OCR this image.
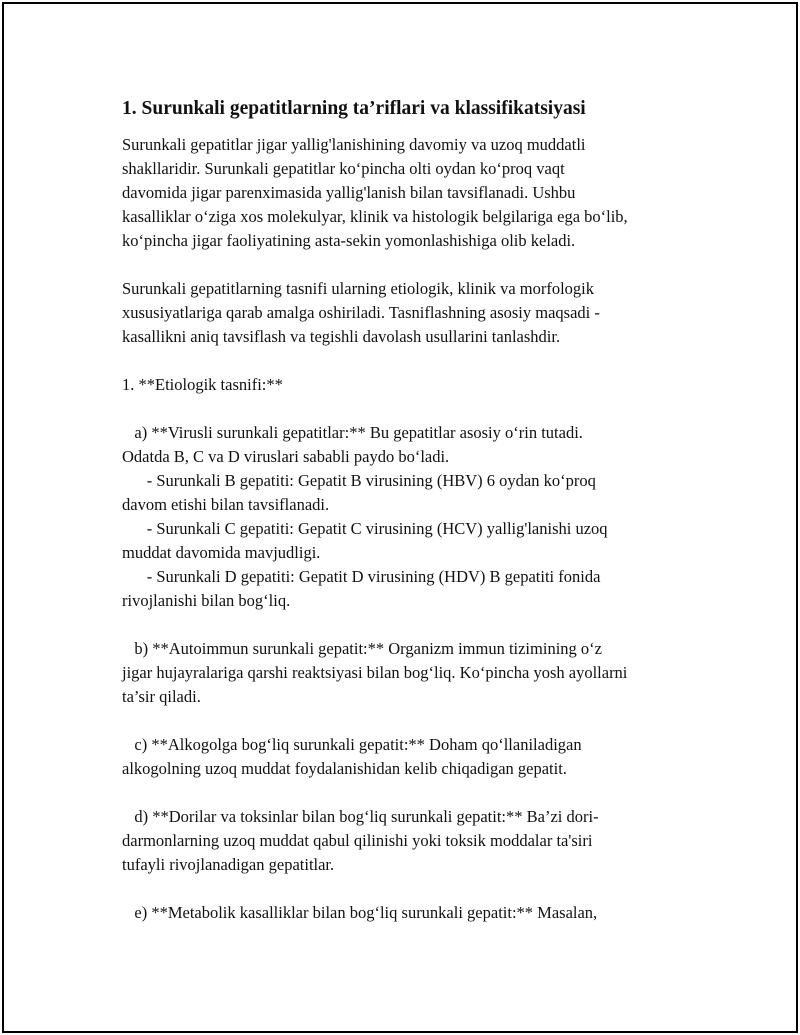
1. Surunkali gepatitlarning ta’riflari va klassifikatsiyasi
Surunkali gepatitlar jigar yallig'lanishining davomiy va uzoq muddatli
shakllaridir. Surunkali gepatitlar ko‘pincha olti oydan ko‘proq vaqt
davomida jigar parenximasida yallig'lanish bilan tavsiflanadi. Ushbu
kasalliklar o‘ziga xos molekulyar, klinik va histologik belgilariga ega bo‘lib,
ko‘pincha jigar faoliyatining asta-sekin yomonlashishiga olib keladi.
Surunkali gepatitlarning tasnifi ularning etiologik, klinik va morfologik
xususiyatlariga qarab amalga oshiriladi. Tasniflashning asosiy maqsadi -
kasallikni aniq tavsiflash va tegishli davolash usullarini tanlashdir.
1. **Etiologik tasnifi:**
a) **Virusli surunkali gepatitlar:** Bu gepatitlar asosiy o‘rin tutadi.
Odatda B, C va D viruslari sababli paydo bo‘ladi.
- Surunkali B gepatiti: Gepatit B virusining (HBV) 6 oydan ko‘proq
davom etishi bilan tavsiflanadi.
- Surunkali C gepatiti: Gepatit C virusining (HCV) yallig'lanishi uzoq
muddat davomida mavjudligi.
- Surunkali D gepatiti: Gepatit D virusining (HDV) B gepatiti fonida
rivojlanishi bilan bog‘liq.
b) **Autoimmun surunkali gepatit:** Organizm immun tizimining o‘z
jigar hujayralariga qarshi reaktsiyasi bilan bog‘liq. Ko‘pincha yosh ayollarni
ta’sir qiladi.
c) **Alkogolga bog‘liq surunkali gepatit:** Doham qo‘llaniladigan
alkogolning uzoq muddat foydalanishidan kelib chiqadigan gepatit.
d) **Dorilar va toksinlar bilan bog‘liq surunkali gepatit:** Ba’zi dori-
darmonlarning uzoq muddat qabul qilinishi yoki toksik moddalar ta'siri
tufayli rivojlanadigan gepatitlar.
e) **Metabolik kasalliklar bilan bog‘liq surunkali gepatit:** Masalan,
